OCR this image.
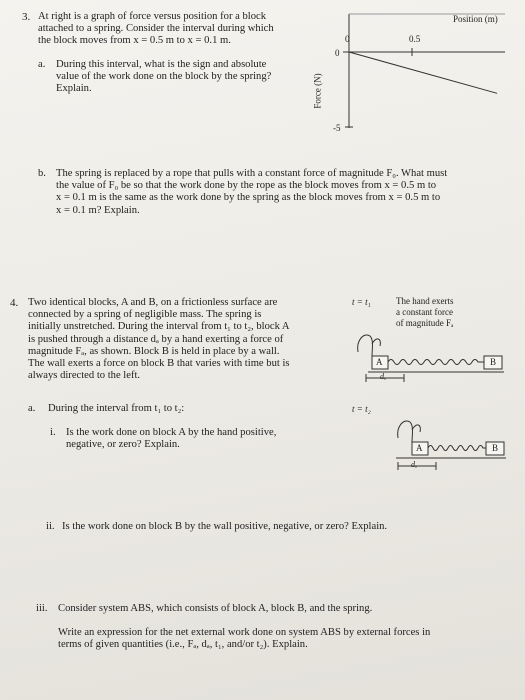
3. At right is a graph of force versus position for a block
attached to a spring. Consider the interval during which
the block moves from x = 0.5 m to x = 0.1 m.
a. During this interval, what is the sign and absolute
value of the work done on the block by the spring?
Explain.
Position (m)
0	0.5
0
-5
Force (N)
b. The spring is replaced by a rope that pulls with a constant force of magnitude F₀. What must
the value of F₀ be so that the work done by the rope as the block moves from x = 0.5 m to
x = 0.1 m is the same as the work done by the spring as the block moves from x = 0.5 m to
x = 0.1 m? Explain.
4. Two identical blocks, A and B, on a frictionless surface are
connected by a spring of negligible mass. The spring is
initially unstretched. During the interval from t₁ to t₂, block A
is pushed through a distance dₐ by a hand exerting a force of
magnitude Fₐ, as shown. Block B is held in place by a wall.
The wall exerts a force on block B that varies with time but is
always directed to the left.
t = t₁	The hand exerts
a constant force
of magnitude Fₐ
t = t₂
A	B
dₐ
A	B
dₐ
a. During the interval from t₁ to t₂:
i. Is the work done on block A by the hand positive,
negative, or zero? Explain.
ii. Is the work done on block B by the wall positive, negative, or zero? Explain.
iii. Consider system ABS, which consists of block A, block B, and the spring.
Write an expression for the net external work done on system ABS by external forces in
terms of given quantities (i.e., Fₐ, dₐ, t₁, and/or t₂). Explain.
